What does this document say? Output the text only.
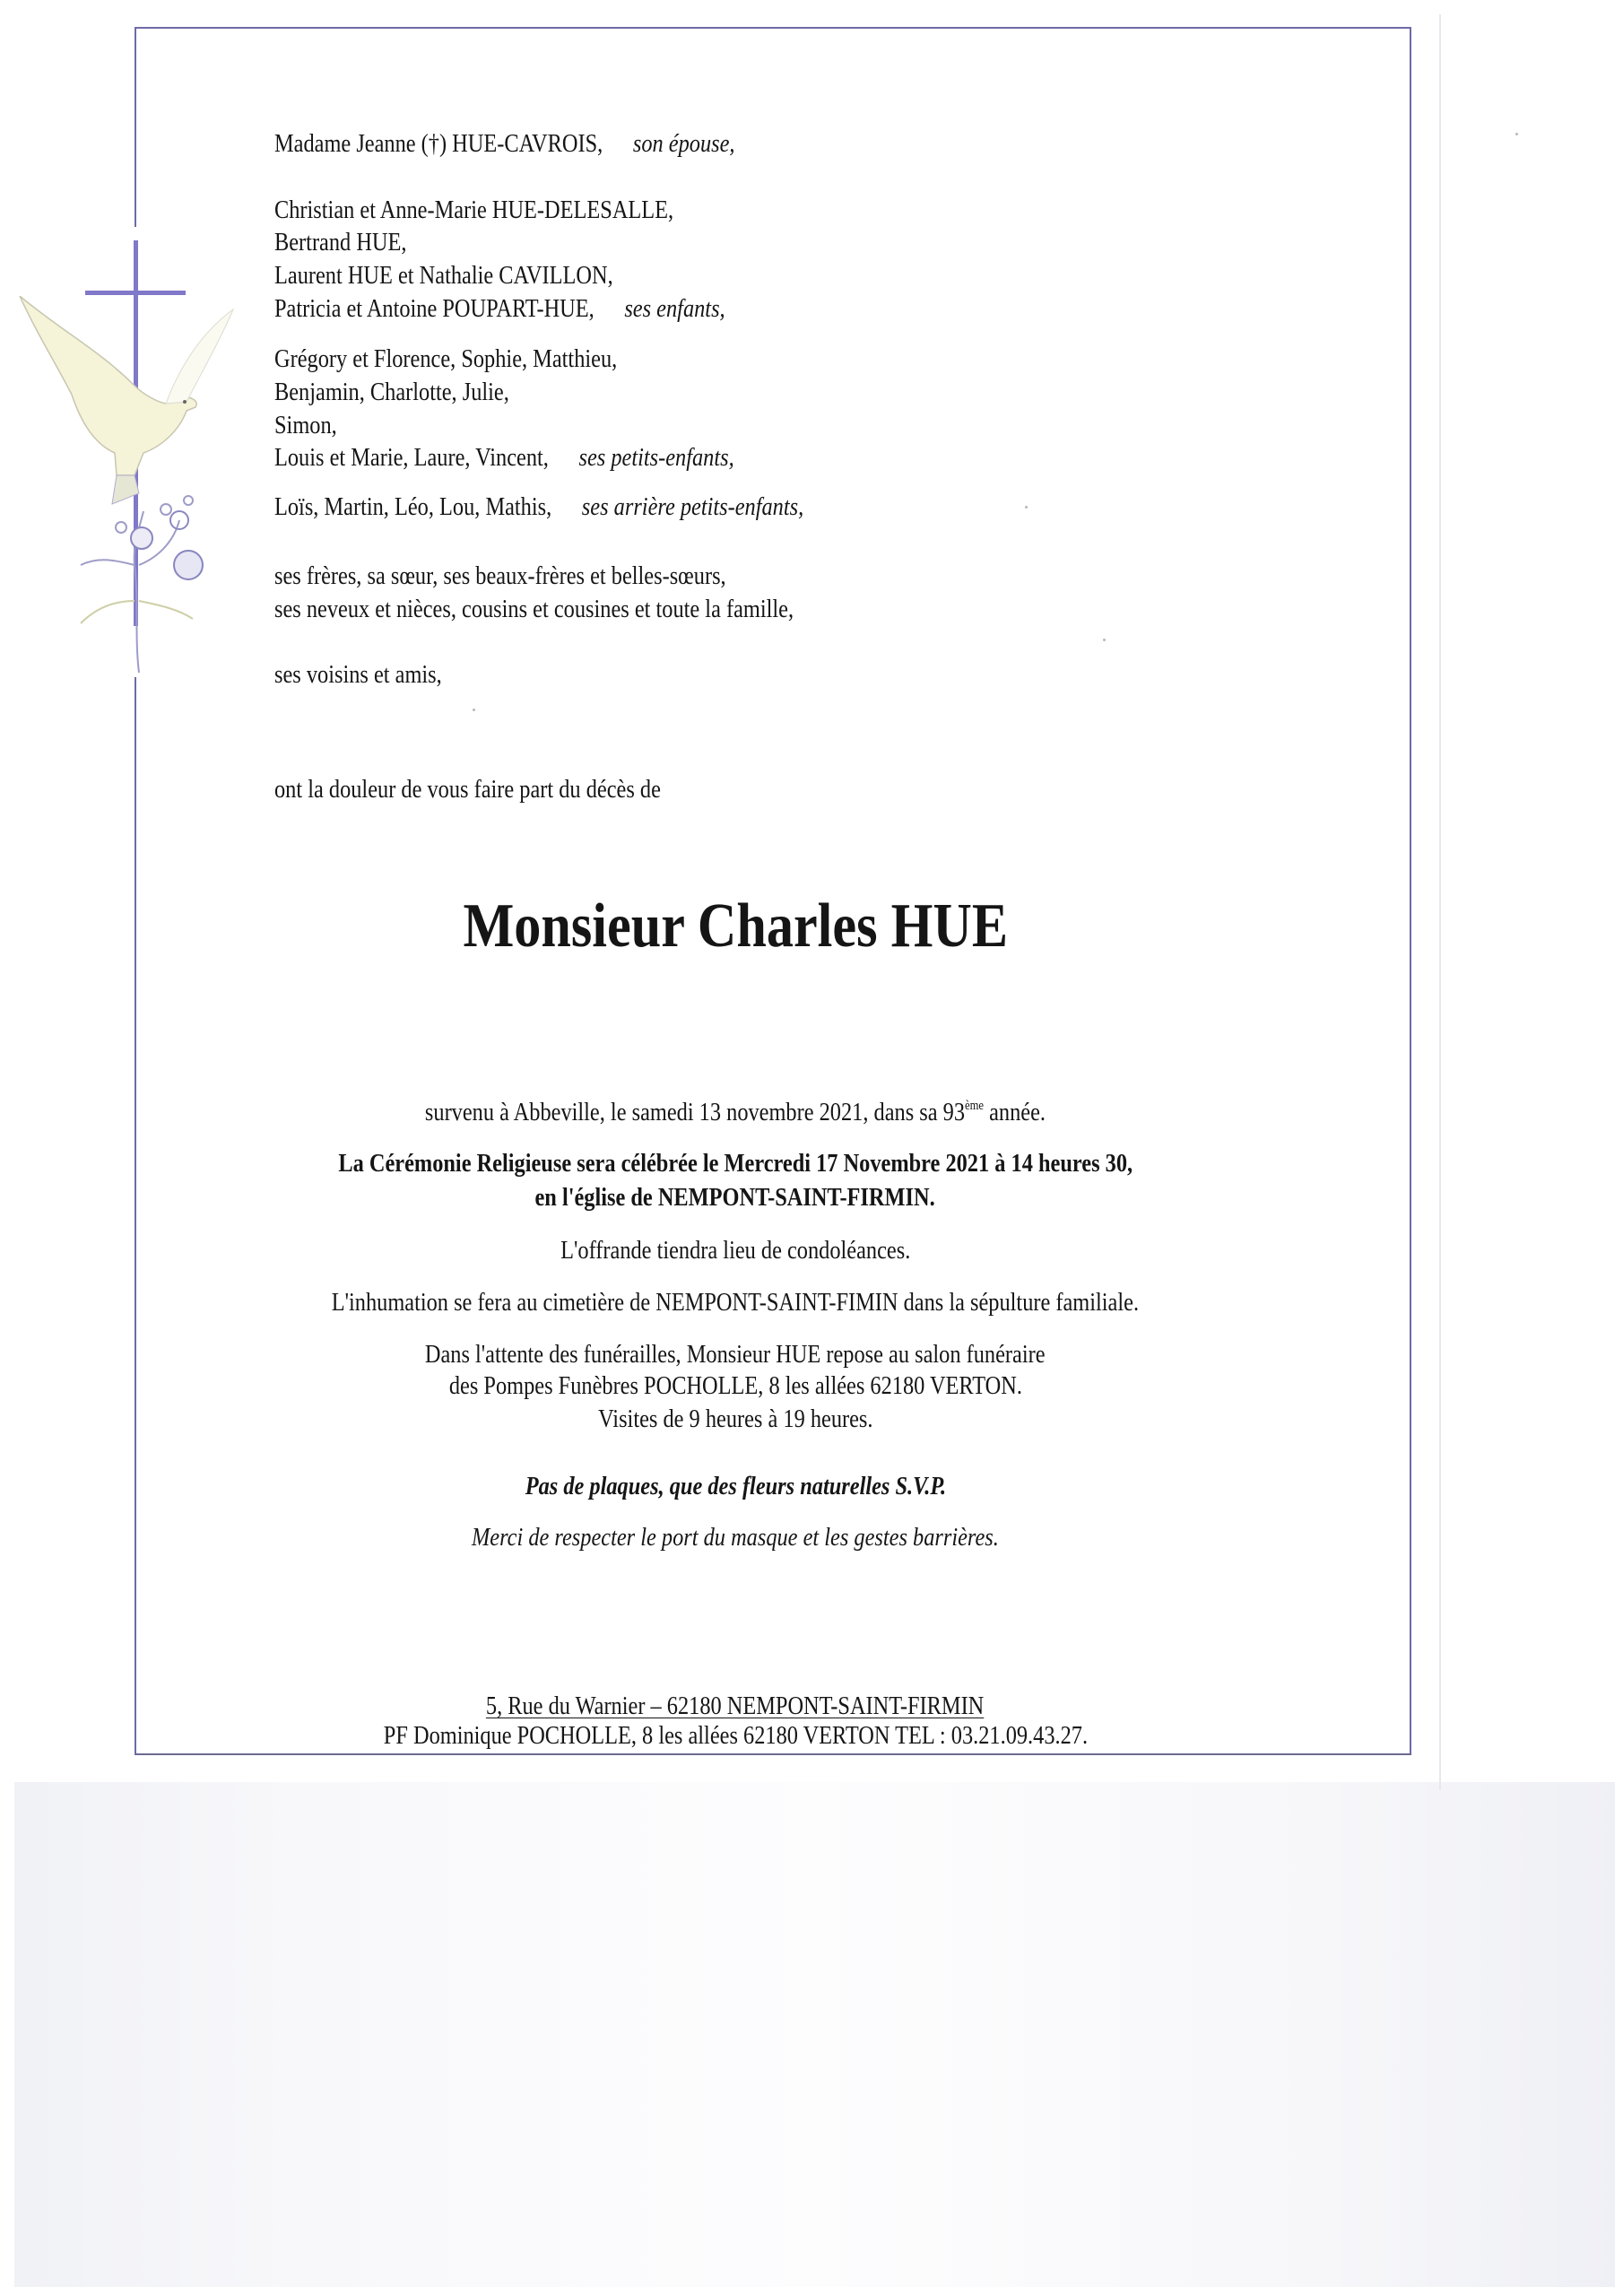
Madame Jeanne (†) HUE-CAVROIS, son épouse,
Christian et Anne-Marie HUE-DELESALLE,
Bertrand HUE,
Laurent HUE et Nathalie CAVILLON,
Patricia et Antoine POUPART-HUE, ses enfants,
Grégory et Florence, Sophie, Matthieu,
Benjamin, Charlotte, Julie,
Simon,
Louis et Marie, Laure, Vincent, ses petits-enfants,
Loïs, Martin, Léo, Lou, Mathis, ses arrière petits-enfants,
ses frères, sa sœur, ses beaux-frères et belles-sœurs,
ses neveux et nièces, cousins et cousines et toute la famille,
ses voisins et amis,
ont la douleur de vous faire part du décès de
Monsieur Charles HUE
survenu à Abbeville, le samedi 13 novembre 2021, dans sa 93ème année.
La Cérémonie Religieuse sera célébrée le Mercredi 17 Novembre 2021 à 14 heures 30,
en l'église de NEMPONT-SAINT-FIRMIN.
L'offrande tiendra lieu de condoléances.
L'inhumation se fera au cimetière de NEMPONT-SAINT-FIMIN dans la sépulture familiale.
Dans l'attente des funérailles, Monsieur HUE repose au salon funéraire
des Pompes Funèbres POCHOLLE, 8 les allées 62180 VERTON.
Visites de 9 heures à 19 heures.
Pas de plaques, que des fleurs naturelles S.V.P.
Merci de respecter le port du masque et les gestes barrières.
5, Rue du Warnier – 62180 NEMPONT-SAINT-FIRMIN
PF Dominique POCHOLLE, 8 les allées 62180 VERTON TEL : 03.21.09.43.27.
